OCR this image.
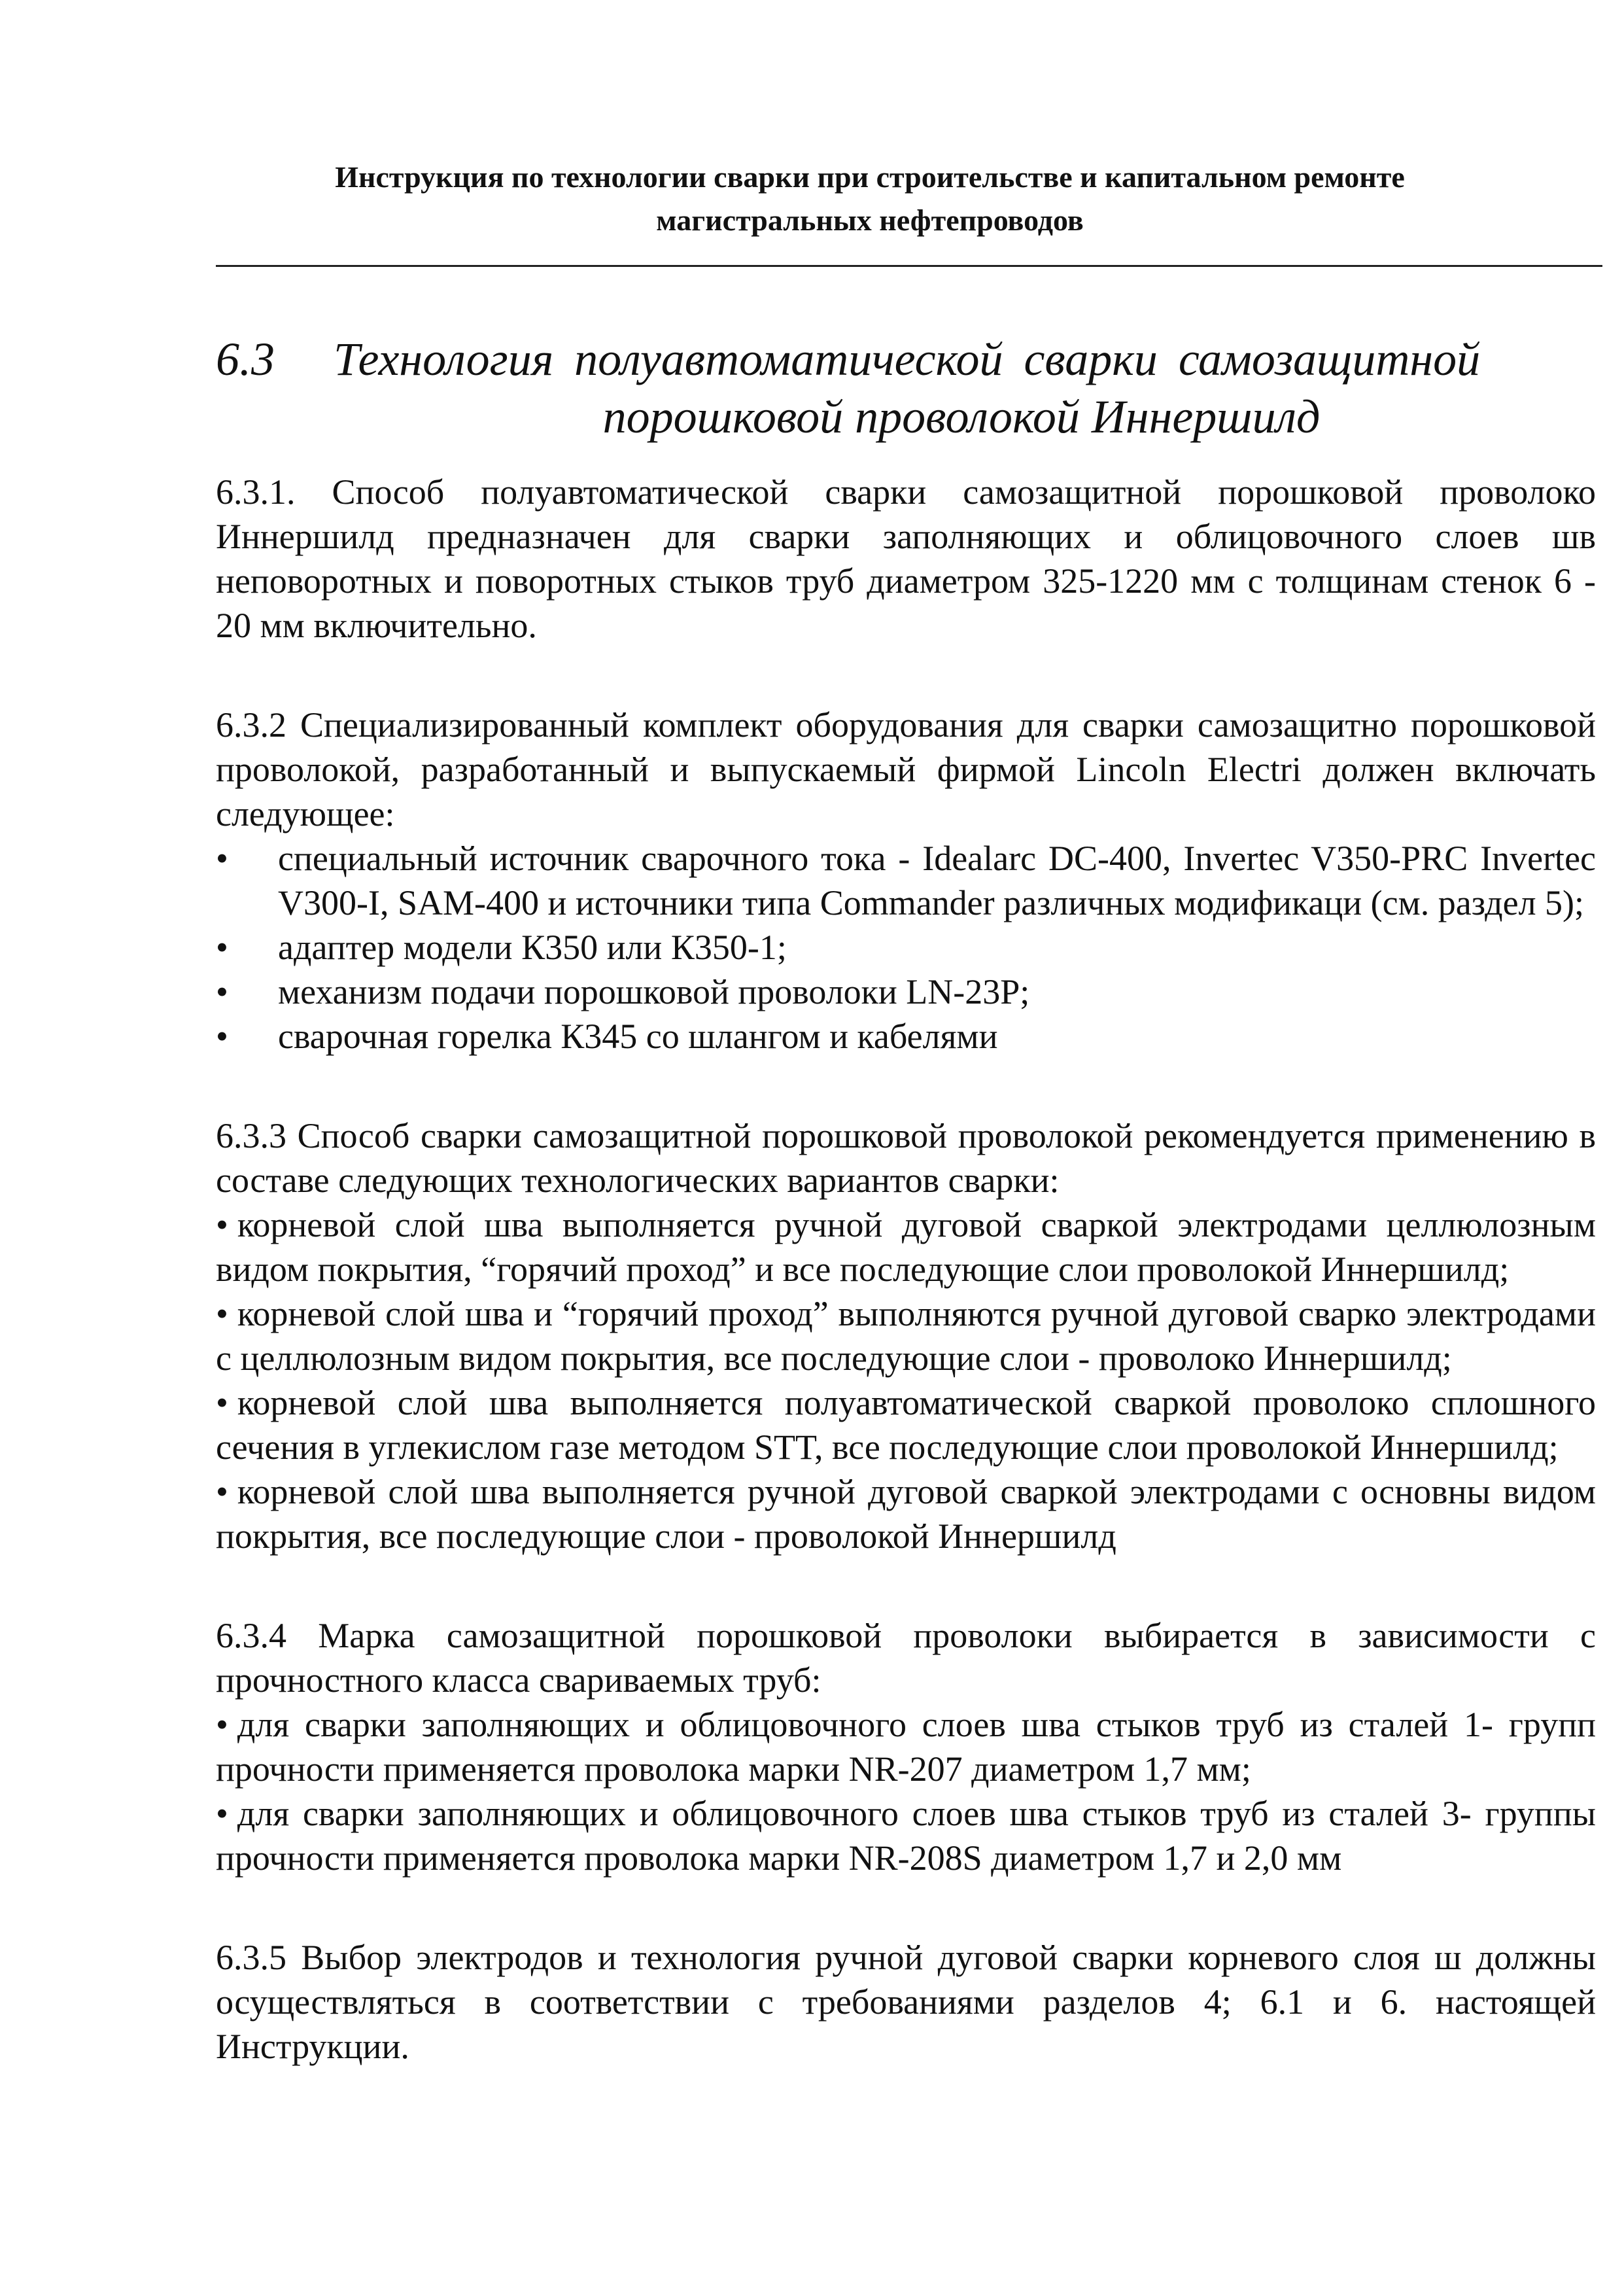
Инструкция по технологии сварки при строительстве и капитальном ремонте
магистральных нефтепроводов
6.3 Технология полуавтоматической сварки самозащитной
порошковой проволокой Иннершилд

6.3.1. Способ полуавтоматической сварки самозащитной порошковой проволоко Иннершилд предназначен для сварки заполняющих и облицовочного слоев шв неповоротных и поворотных стыков труб диаметром 325-1220 мм с толщинам стенок 6 - 20 мм включительно.

6.3.2 Специализированный комплект оборудования для сварки самозащитно порошковой проволокой, разработанный и выпускаемый фирмой Lincoln Electri должен включать следующее:
• специальный источник сварочного тока - Idealarc DC-400, Invertec V350-PRC Invertec V300-I, SAM-400 и источники типа Commander различных модификаци (см. раздел 5);
• адаптер модели К350 или К350-1;
• механизм подачи порошковой проволоки LN-23P;
• сварочная горелка К345 со шлангом и кабелями
6.3.3 Способ сварки самозащитной порошковой проволокой рекомендуется применению в составе следующих технологических вариантов сварки:
• корневой слой шва выполняется ручной дуговой сваркой электродами целлюлозным видом покрытия, “горячий проход” и все последующие слои проволокой Иннершилд;
• корневой слой шва и “горячий проход” выполняются ручной дуговой сварко электродами с целлюлозным видом покрытия, все последующие слои - проволоко Иннершилд;
• корневой слой шва выполняется полуавтоматической сваркой проволоко сплошного сечения в углекислом газе методом STT, все последующие слои проволокой Иннершилд;
• корневой слой шва выполняется ручной дуговой сваркой электродами с основны видом покрытия, все последующие слои - проволокой Иннершилд
6.3.4 Марка самозащитной порошковой проволоки выбирается в зависимости с прочностного класса свариваемых труб:
• для сварки заполняющих и облицовочного слоев шва стыков труб из сталей 1- групп прочности применяется проволока марки NR-207 диаметром 1,7 мм;
• для сварки заполняющих и облицовочного слоев шва стыков труб из сталей 3- группы прочности применяется проволока марки NR-208S диаметром 1,7 и 2,0 мм

6.3.5 Выбор электродов и технология ручной дуговой сварки корневого слоя ш должны осуществляться в соответствии с требованиями разделов 4; 6.1 и 6. настоящей Инструкции.
